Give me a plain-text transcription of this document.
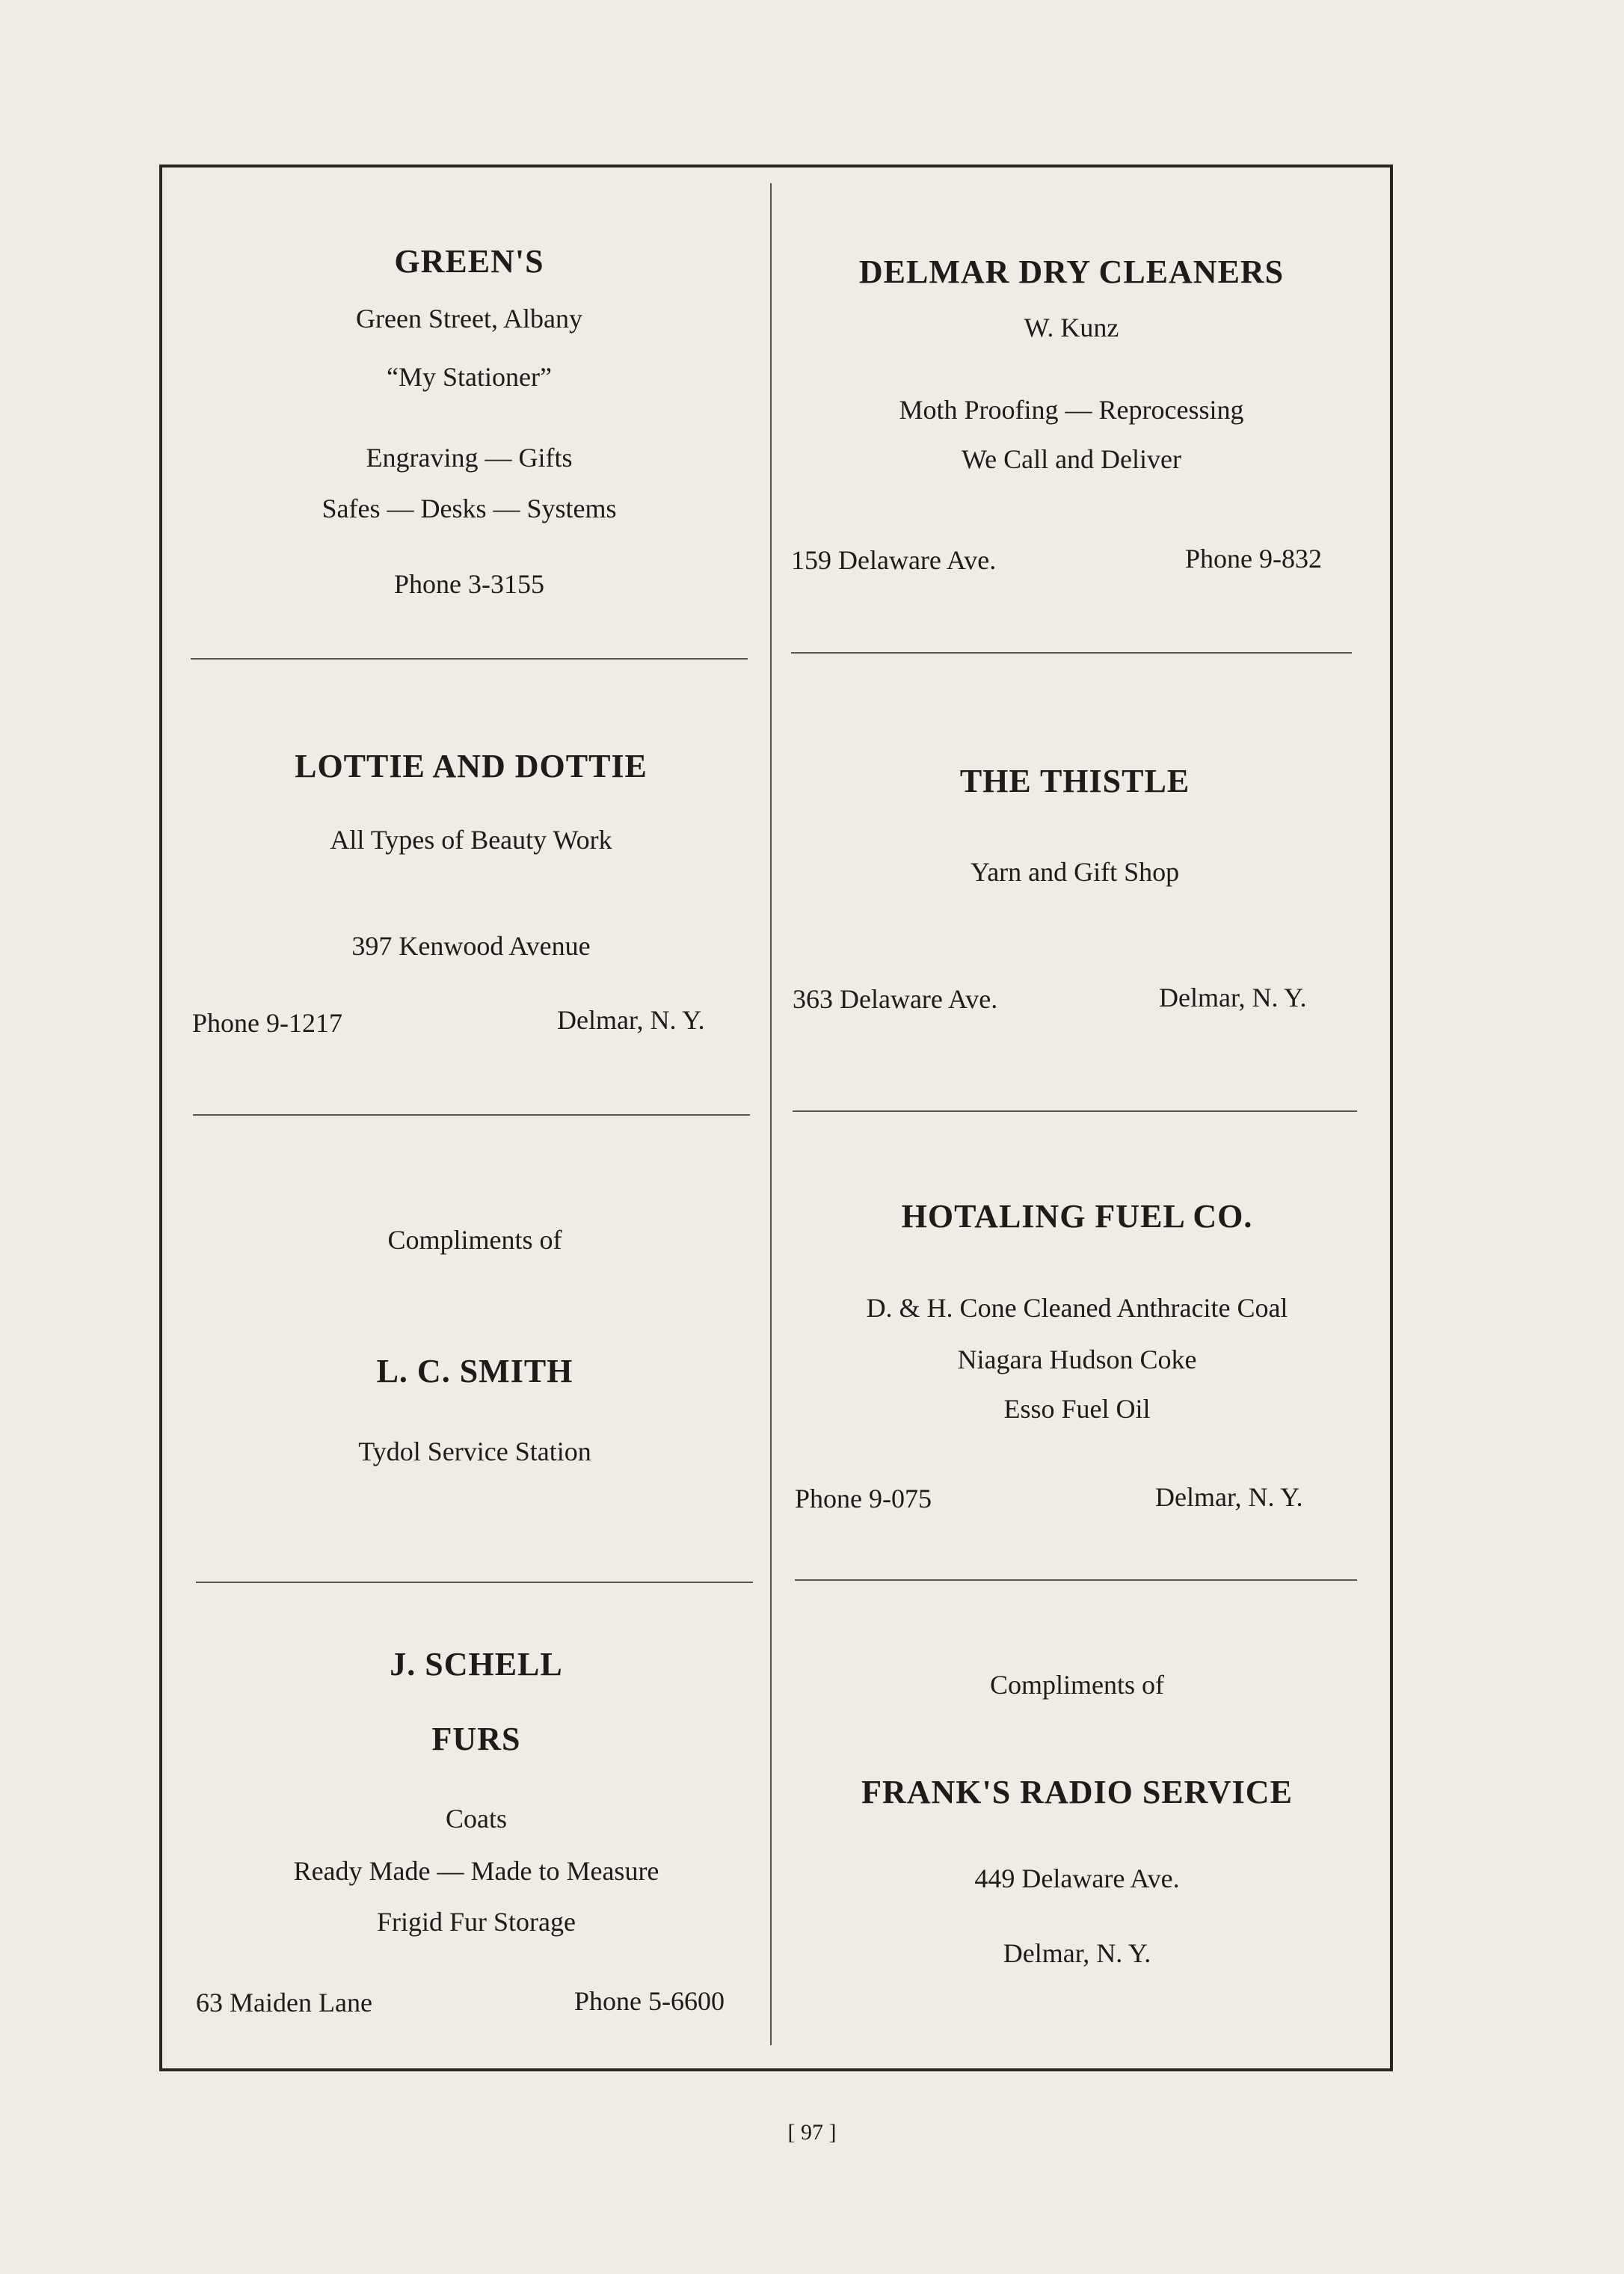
GREEN'S
Green Street, Albany
“My Stationer”
Engraving — Gifts
Safes — Desks — Systems
Phone 3-3155
DELMAR DRY CLEANERS
W. Kunz
Moth Proofing — Reprocessing
We Call and Deliver
159 Delaware Ave.	Phone 9-832
LOTTIE AND DOTTIE
All Types of Beauty Work
397 Kenwood Avenue
Phone 9-1217	Delmar, N. Y.
THE THISTLE
Yarn and Gift Shop
363 Delaware Ave.	Delmar, N. Y.
Compliments of
L. C. SMITH
Tydol Service Station
HOTALING FUEL CO.
D. & H. Cone Cleaned Anthracite Coal
Niagara Hudson Coke
Esso Fuel Oil
Phone 9-075	Delmar, N. Y.
J. SCHELL
FURS
Coats
Ready Made — Made to Measure
Frigid Fur Storage
63 Maiden Lane	Phone 5-6600
Compliments of
FRANK'S RADIO SERVICE
449 Delaware Ave.
Delmar, N. Y.
[ 97 ]
